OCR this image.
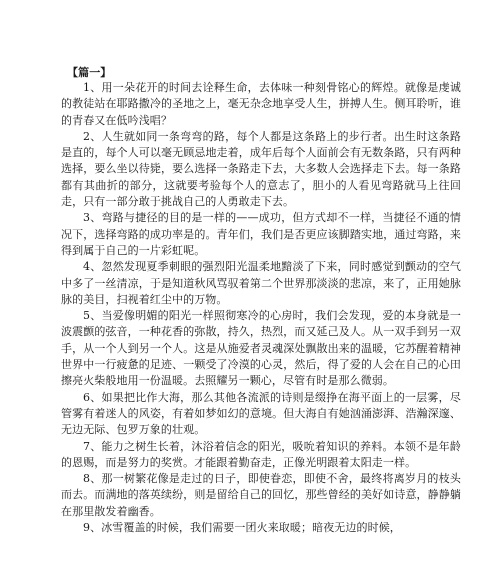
【篇一】

1、用一朵花开的时间去诠释生命，去体味一种刻骨铭心的辉煌。就像是虔诚的教徒站在耶路撒冷的圣地之上，毫无杂念地享受人生，拼搏人生。侧耳聆听，谁的青春又在低吟浅唱？

2、人生就如同一条弯弯的路，每个人都是这条路上的步行者。出生时这条路是直的，每个人可以毫无顾忌地走着，成年后每个人面前会有无数条路，只有两种选择，要么坐以待毙，要么选择一条路走下去，大多数人会选择走下去。每一条路都有其曲折的部分，这就要考验每个人的意志了，胆小的人看见弯路就马上往回走，只有一部分敢于挑战自己的人勇敢走下去。

3、弯路与捷径的目的是一样的——成功，但方式却不一样，当捷径不通的情况下，选择弯路的成功率是的。青年们，我们是否更应该脚踏实地，通过弯路，来得到属于自己的一片彩虹呢。

4、忽然发现夏季刺眼的强烈阳光温柔地黯淡了下来，同时感觉到颤动的空气中多了一丝清凉，于是知道秋风骂驭着第二个世界那淡淡的悲凉，来了，正用她脉脉的美目，扫视着红尘中的万物。

5、当爱像明媚的阳光一样照彻寒冷的心房时，我们会发现，爱的本身就是一波震颤的弦音，一种花香的弥散，持久，热烈，而又延己及人。从一双手到另一双手，从一个人到另一个人。这是从施爱者灵魂深处飘散出来的温暖，它苏醒着精神世界中一行疲惫的足迹、一颗受了冷漠的心灵，然后，得了爱的人会在自己的心田擦亮火柴般地用一份温暖。去照耀另一颗心，尽管有时是那么微弱。

6、如果把比作大海，那么其他各流派的诗则是缀挣在海平面上的一层雾，尽管雾有着迷人的风姿，有着如梦如幻的意境。但大海自有她汹涌澎湃、浩瀚深邃、无边无际、包罗万象的壮观。

7、能力之树生长着，沐浴着信念的阳光，吸吮着知识的养料。本领不是年龄的恩赐，而是努力的奖赏。才能跟着勤奋走，正像光明跟着太阳走一样。

8、那一树繁花像是走过的日子，即使眷恋，即使不舍，最终将离岁月的枝头而去。而满地的落英续纷，则是留给自己的回忆，那些曾经的美好如诗意，静静躺在那里散发着幽香。

9、冰雪覆盖的时候，我们需要一团火来取暖；暗夜无边的时候，
